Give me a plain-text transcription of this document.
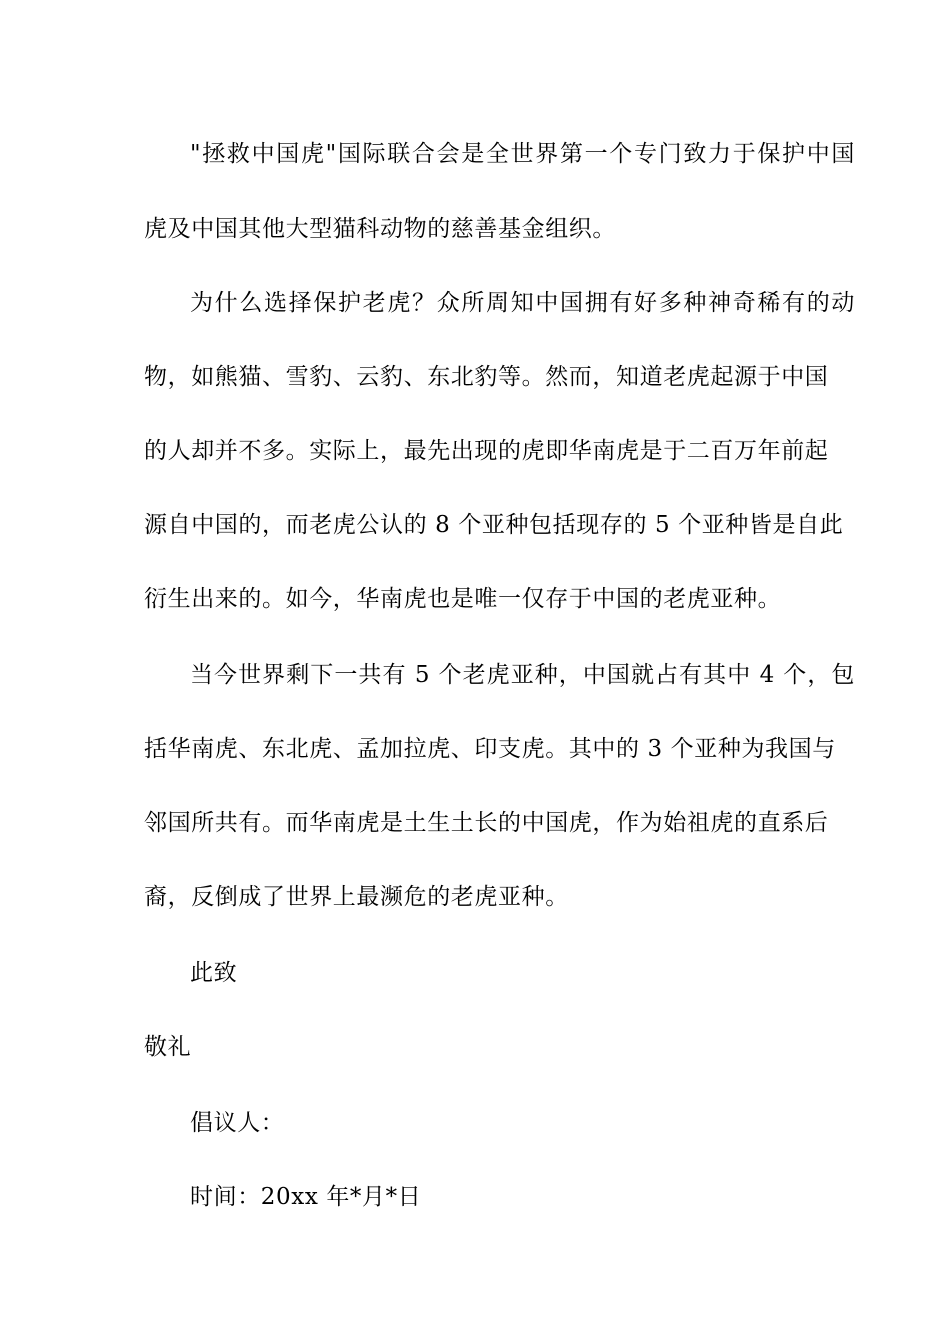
"拯救中国虎"国际联合会是全世界第一个专门致力于保护中国
虎及中国其他大型猫科动物的慈善基金组织。
为什么选择保护老虎？众所周知中国拥有好多种神奇稀有的动
物，如熊猫、雪豹、云豹、东北豹等。然而，知道老虎起源于中国
的人却并不多。实际上，最先出现的虎即华南虎是于二百万年前起
源自中国的，而老虎公认的 8 个亚种包括现存的 5 个亚种皆是自此
衍生出来的。如今，华南虎也是唯一仅存于中国的老虎亚种。
当今世界剩下一共有 5 个老虎亚种，中国就占有其中 4 个，包
括华南虎、东北虎、孟加拉虎、印支虎。其中的 3 个亚种为我国与
邻国所共有。而华南虎是土生土长的中国虎，作为始祖虎的直系后
裔，反倒成了世界上最濒危的老虎亚种。
此致
敬礼
倡议人：
时间：20xx 年*月*日
